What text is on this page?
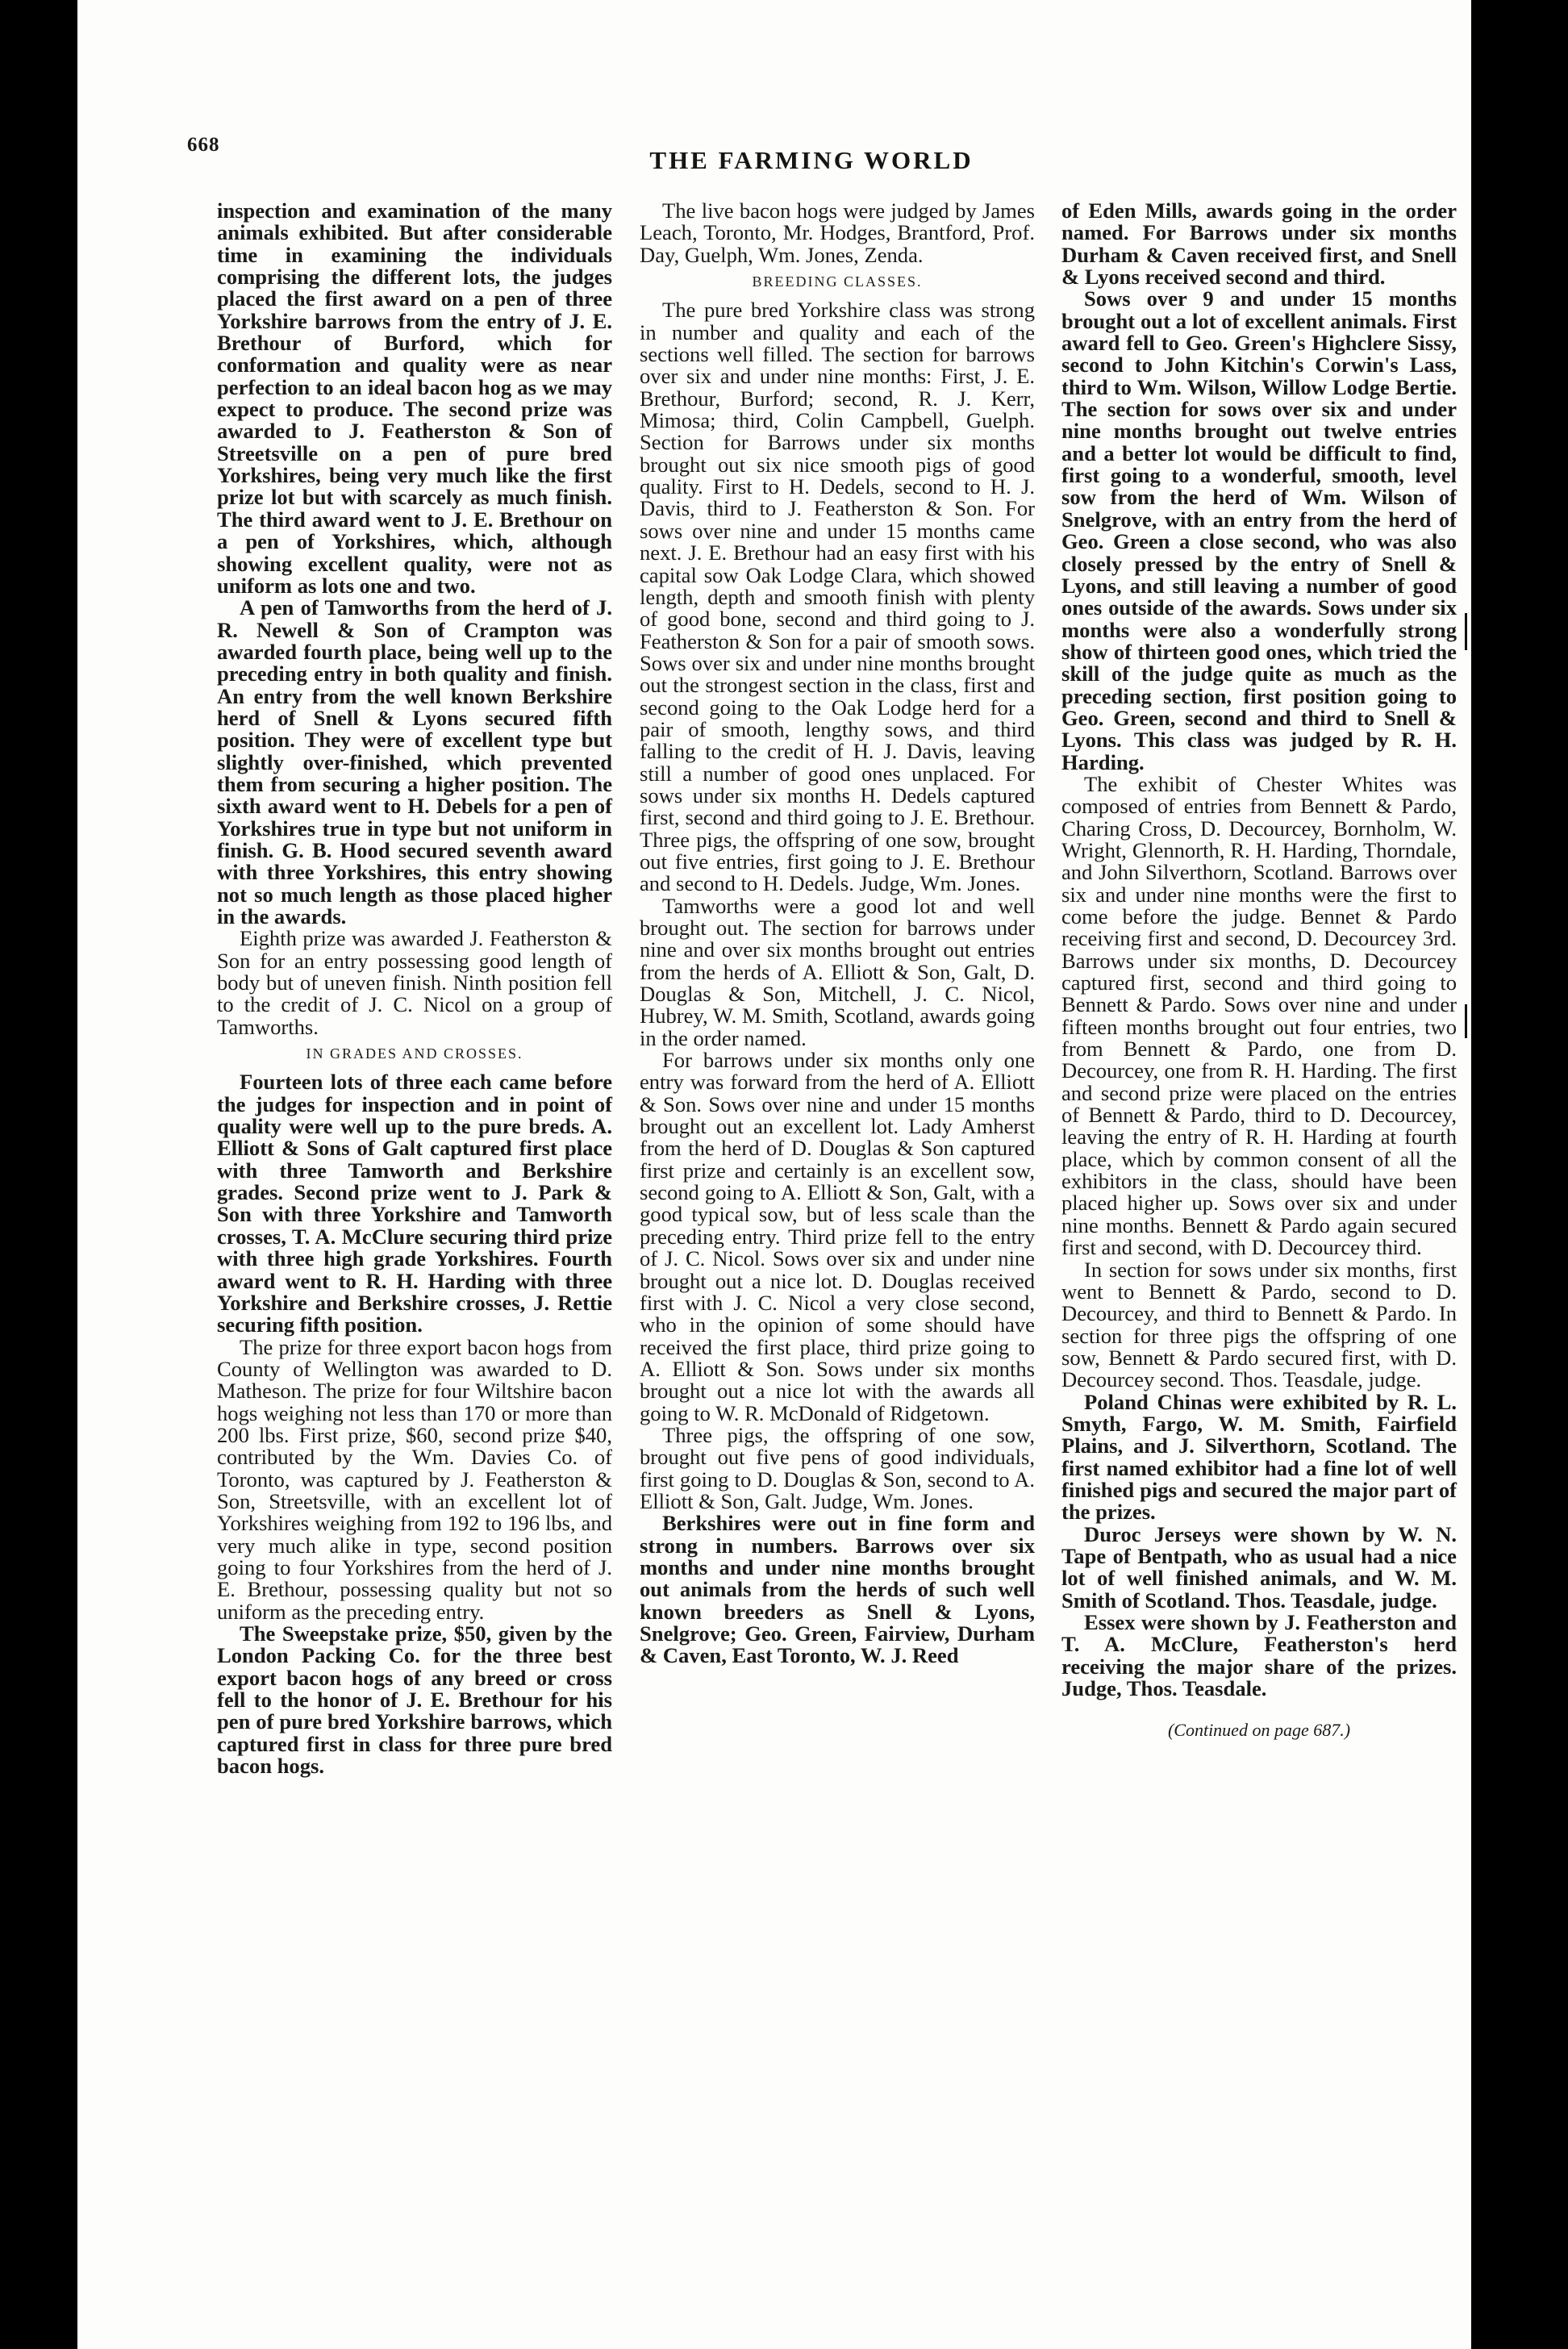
668
THE FARMING WORLD

inspection and examination of the many animals exhibited. But after considerable time in examining the individuals comprising the different lots, the judges placed the first award on a pen of three Yorkshire barrows from the entry of J. E. Brethour of Burford, which for conformation and quality were as near perfection to an ideal bacon hog as we may expect to produce. The second prize was awarded to J. Featherston & Son of Streetsville on a pen of pure bred Yorkshires, being very much like the first prize lot but with scarcely as much finish. The third award went to J. E. Brethour on a pen of Yorkshires, which, although showing excellent quality, were not as uniform as lots one and two.

A pen of Tamworths from the herd of J. R. Newell & Son of Crampton was awarded fourth place, being well up to the preceding entry in both quality and finish. An entry from the well known Berkshire herd of Snell & Lyons secured fifth position. They were of excellent type but slightly over-finished, which prevented them from securing a higher position. The sixth award went to H. Debels for a pen of Yorkshires true in type but not uniform in finish. G. B. Hood secured seventh award with three Yorkshires, this entry showing not so much length as those placed higher in the awards.

Eighth prize was awarded J. Featherston & Son for an entry possessing good length of body but of uneven finish. Ninth position fell to the credit of J. C. Nicol on a group of Tamworths.

IN GRADES AND CROSSES.

Fourteen lots of three each came before the judges for inspection and in point of quality were well up to the pure breds. A. Elliott & Sons of Galt captured first place with three Tamworth and Berkshire grades. Second prize went to J. Park & Son with three Yorkshire and Tamworth crosses, T. A. McClure securing third prize with three high grade Yorkshires. Fourth award went to R. H. Harding with three Yorkshire and Berkshire crosses, J. Rettie securing fifth position.

The prize for three export bacon hogs from County of Wellington was awarded to D. Matheson. The prize for four Wiltshire bacon hogs weighing not less than 170 or more than 200 lbs. First prize, $60, second prize $40, contributed by the Wm. Davies Co. of Toronto, was captured by J. Featherston & Son, Streetsville, with an excellent lot of Yorkshires weighing from 192 to 196 lbs, and very much alike in type, second position going to four Yorkshires from the herd of J. E. Brethour, possessing quality but not so uniform as the preceding entry.

The Sweepstake prize, $50, given by the London Packing Co. for the three best export bacon hogs of any breed or cross fell to the honor of J. E. Brethour for his pen of pure bred Yorkshire barrows, which captured first in class for three pure bred bacon hogs.

The live bacon hogs were judged by James Leach, Toronto, Mr. Hodges, Brantford, Prof. Day, Guelph, Wm. Jones, Zenda.

BREEDING CLASSES.

The pure bred Yorkshire class was strong in number and quality and each of the sections well filled. The section for barrows over six and under nine months: First, J. E. Brethour, Burford; second, R. J. Kerr, Mimosa; third, Colin Campbell, Guelph. Section for Barrows under six months brought out six nice smooth pigs of good quality. First to H. Dedels, second to H. J. Davis, third to J. Featherston & Son. For sows over nine and under 15 months came next. J. E. Brethour had an easy first with his capital sow Oak Lodge Clara, which showed length, depth and smooth finish with plenty of good bone, second and third going to J. Featherston & Son for a pair of smooth sows. Sows over six and under nine months brought out the strongest section in the class, first and second going to the Oak Lodge herd for a pair of smooth, lengthy sows, and third falling to the credit of H. J. Davis, leaving still a number of good ones unplaced. For sows under six months H. Dedels captured first, second and third going to J. E. Brethour. Three pigs, the offspring of one sow, brought out five entries, first going to J. E. Brethour and second to H. Dedels. Judge, Wm. Jones.

Tamworths were a good lot and well brought out. The section for barrows under nine and over six months brought out entries from the herds of A. Elliott & Son, Galt, D. Douglas & Son, Mitchell, J. C. Nicol, Hubrey, W. M. Smith, Scotland, awards going in the order named.

For barrows under six months only one entry was forward from the herd of A. Elliott & Son. Sows over nine and under 15 months brought out an excellent lot. Lady Amherst from the herd of D. Douglas & Son captured first prize and certainly is an excellent sow, second going to A. Elliott & Son, Galt, with a good typical sow, but of less scale than the preceding entry. Third prize fell to the entry of J. C. Nicol. Sows over six and under nine brought out a nice lot. D. Douglas received first with J. C. Nicol a very close second, who in the opinion of some should have received the first place, third prize going to A. Elliott & Son. Sows under six months brought out a nice lot with the awards all going to W. R. McDonald of Ridgetown.

Three pigs, the offspring of one sow, brought out five pens of good individuals, first going to D. Douglas & Son, second to A. Elliott & Son, Galt. Judge, Wm. Jones.

Berkshires were out in fine form and strong in numbers. Barrows over six months and under nine months brought out animals from the herds of such well known breeders as Snell & Lyons, Snelgrove; Geo. Green, Fairview, Durham & Caven, East Toronto, W. J. Reed

of Eden Mills, awards going in the order named. For Barrows under six months Durham & Caven received first, and Snell & Lyons received second and third.

Sows over 9 and under 15 months brought out a lot of excellent animals. First award fell to Geo. Green's Highclere Sissy, second to John Kitchin's Corwin's Lass, third to Wm. Wilson, Willow Lodge Bertie. The section for sows over six and under nine months brought out twelve entries and a better lot would be difficult to find, first going to a wonderful, smooth, level sow from the herd of Wm. Wilson of Snelgrove, with an entry from the herd of Geo. Green a close second, who was also closely pressed by the entry of Snell & Lyons, and still leaving a number of good ones outside of the awards. Sows under six months were also a wonderfully strong show of thirteen good ones, which tried the skill of the judge quite as much as the preceding section, first position going to Geo. Green, second and third to Snell & Lyons. This class was judged by R. H. Harding.

The exhibit of Chester Whites was composed of entries from Bennett & Pardo, Charing Cross, D. Decourcey, Bornholm, W. Wright, Glennorth, R. H. Harding, Thorndale, and John Silverthorn, Scotland. Barrows over six and under nine months were the first to come before the judge. Bennet & Pardo receiving first and second, D. Decourcey 3rd. Barrows under six months, D. Decourcey captured first, second and third going to Bennett & Pardo. Sows over nine and under fifteen months brought out four entries, two from Bennett & Pardo, one from D. Decourcey, one from R. H. Harding. The first and second prize were placed on the entries of Bennett & Pardo, third to D. Decourcey, leaving the entry of R. H. Harding at fourth place, which by common consent of all the exhibitors in the class, should have been placed higher up. Sows over six and under nine months. Bennett & Pardo again secured first and second, with D. Decourcey third.

In section for sows under six months, first went to Bennett & Pardo, second to D. Decourcey, and third to Bennett & Pardo. In section for three pigs the offspring of one sow, Bennett & Pardo secured first, with D. Decourcey second. Thos. Teasdale, judge.

Poland Chinas were exhibited by R. L. Smyth, Fargo, W. M. Smith, Fairfield Plains, and J. Silverthorn, Scotland. The first named exhibitor had a fine lot of well finished pigs and secured the major part of the prizes.

Duroc Jerseys were shown by W. N. Tape of Bentpath, who as usual had a nice lot of well finished animals, and W. M. Smith of Scotland. Thos. Teasdale, judge.

Essex were shown by J. Featherston and T. A. McClure, Featherston's herd receiving the major share of the prizes. Judge, Thos. Teasdale.

(Continued on page 687.)
